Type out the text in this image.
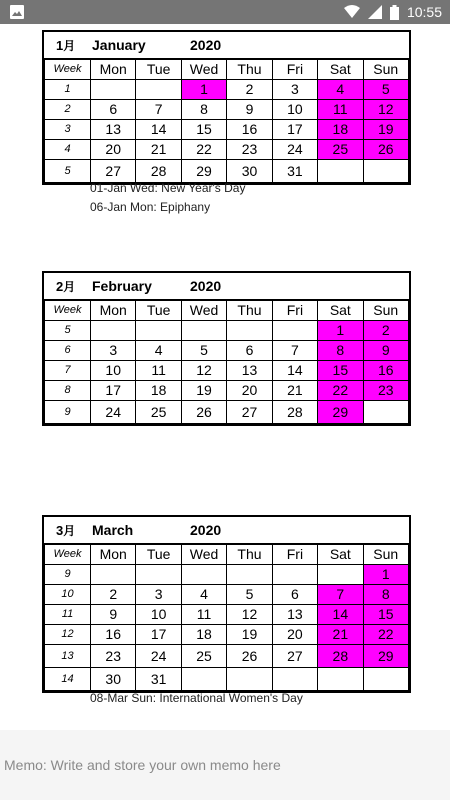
10:55
1月	January	2020
Week	Mon	Tue	Wed	Thu	Fri	Sat	Sun
1			1	2	3	4	5
2	6	7	8	9	10	11	12
3	13	14	15	16	17	18	19
4	20	21	22	23	24	25	26
5	27	28	29	30	31		
01-Jan Wed: New Year's Day
06-Jan Mon: Epiphany
2月	February	2020
Week	Mon	Tue	Wed	Thu	Fri	Sat	Sun
5						1	2
6	3	4	5	6	7	8	9
7	10	11	12	13	14	15	16
8	17	18	19	20	21	22	23
9	24	25	26	27	28	29	
3月	March	2020
Week	Mon	Tue	Wed	Thu	Fri	Sat	Sun
9							1
10	2	3	4	5	6	7	8
11	9	10	11	12	13	14	15
12	16	17	18	19	20	21	22
13	23	24	25	26	27	28	29
14	30	31					
08-Mar Sun: International Women's Day
Memo: Write and store your own memo here
